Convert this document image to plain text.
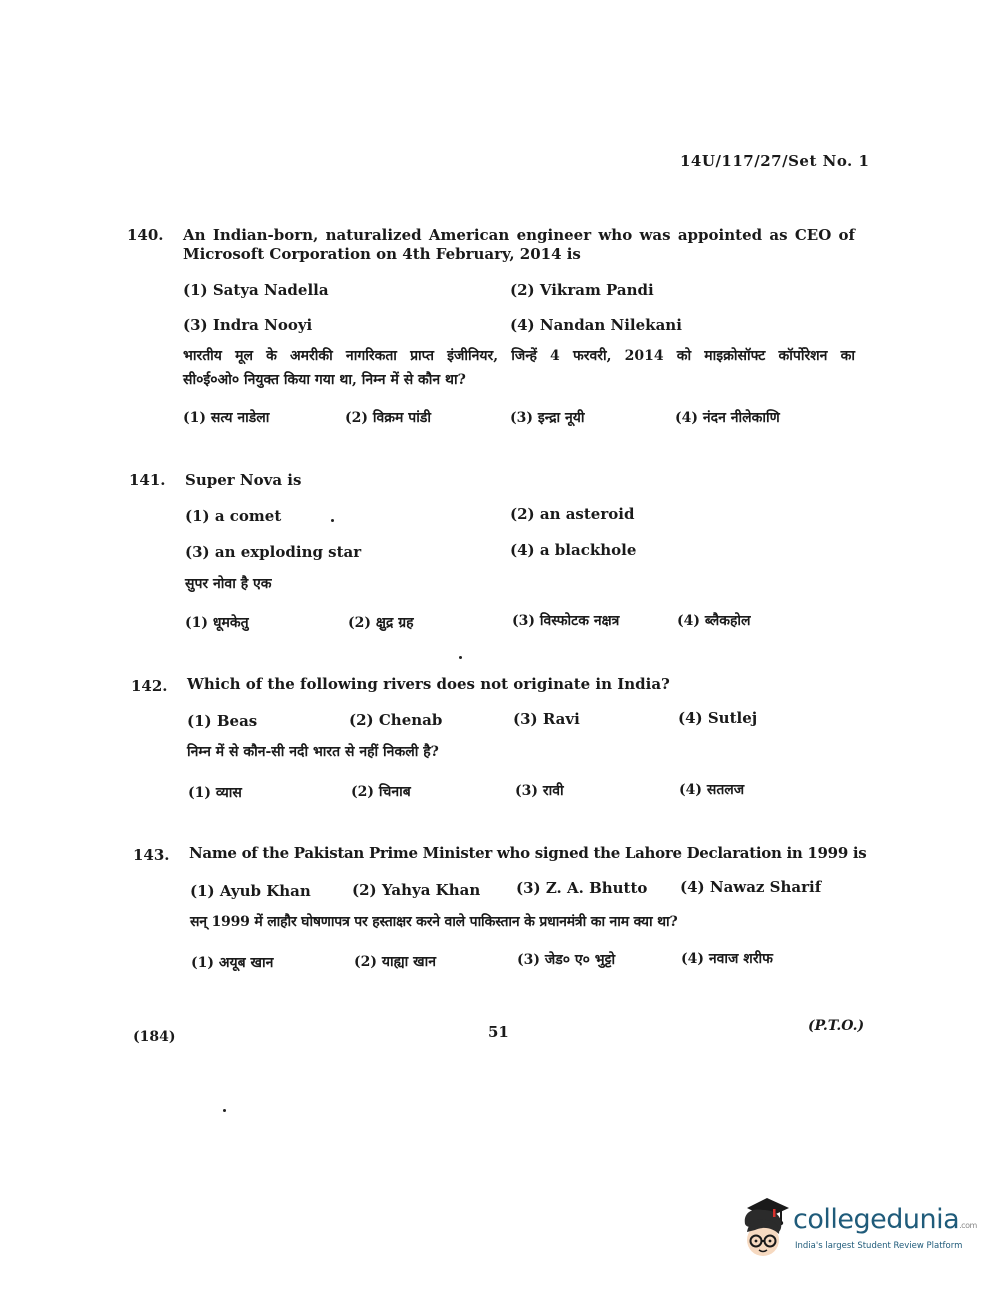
14U/117/27/Set No. 1
140. An Indian-born, naturalized American engineer who was appointed as CEO of
Microsoft Corporation on 4th February, 2014 is
(1) Satya Nadella	(2) Vikram Pandi
(3) Indra Nooyi	(4) Nandan Nilekani
भारतीय मूल के अमरीकी नागरिकता प्राप्त इंजीनियर, जिन्हें 4 फरवरी, 2014 को माइक्रोसॉफ्ट कॉर्पोरेशन का
सी०ई०ओ० नियुक्त किया गया था, निम्न में से कौन था?
(1) सत्य नाडेला	(2) विक्रम पांडी	(3) इन्द्रा नूयी	(4) नंदन नीलेकाणि
141. Super Nova is
(1) a comet	(2) an asteroid
(3) an exploding star	(4) a blackhole
सुपर नोवा है एक
(1) धूमकेतु	(2) क्षुद्र ग्रह	(3) विस्फोटक नक्षत्र	(4) ब्लैकहोल
142. Which of the following rivers does not originate in India?
(1) Beas	(2) Chenab	(3) Ravi	(4) Sutlej
निम्न में से कौन-सी नदी भारत से नहीं निकली है?
(1) व्यास	(2) चिनाब	(3) रावी	(4) सतलज
143. Name of the Pakistan Prime Minister who signed the Lahore Declaration in 1999 is
(1) Ayub Khan	(2) Yahya Khan (3) Z. A. Bhutto (4) Nawaz Sharif
सन् 1999 में लाहौर घोषणापत्र पर हस्ताक्षर करने वाले पाकिस्तान के प्रधानमंत्री का नाम क्या था?
(1) अयूब खान	(2) याह्या खान	(3) जेड० ए० भुट्टो	(4) नवाज शरीफ
(184)	51	(P.T.O.)
collegedunia.com
India's largest Student Review Platform
